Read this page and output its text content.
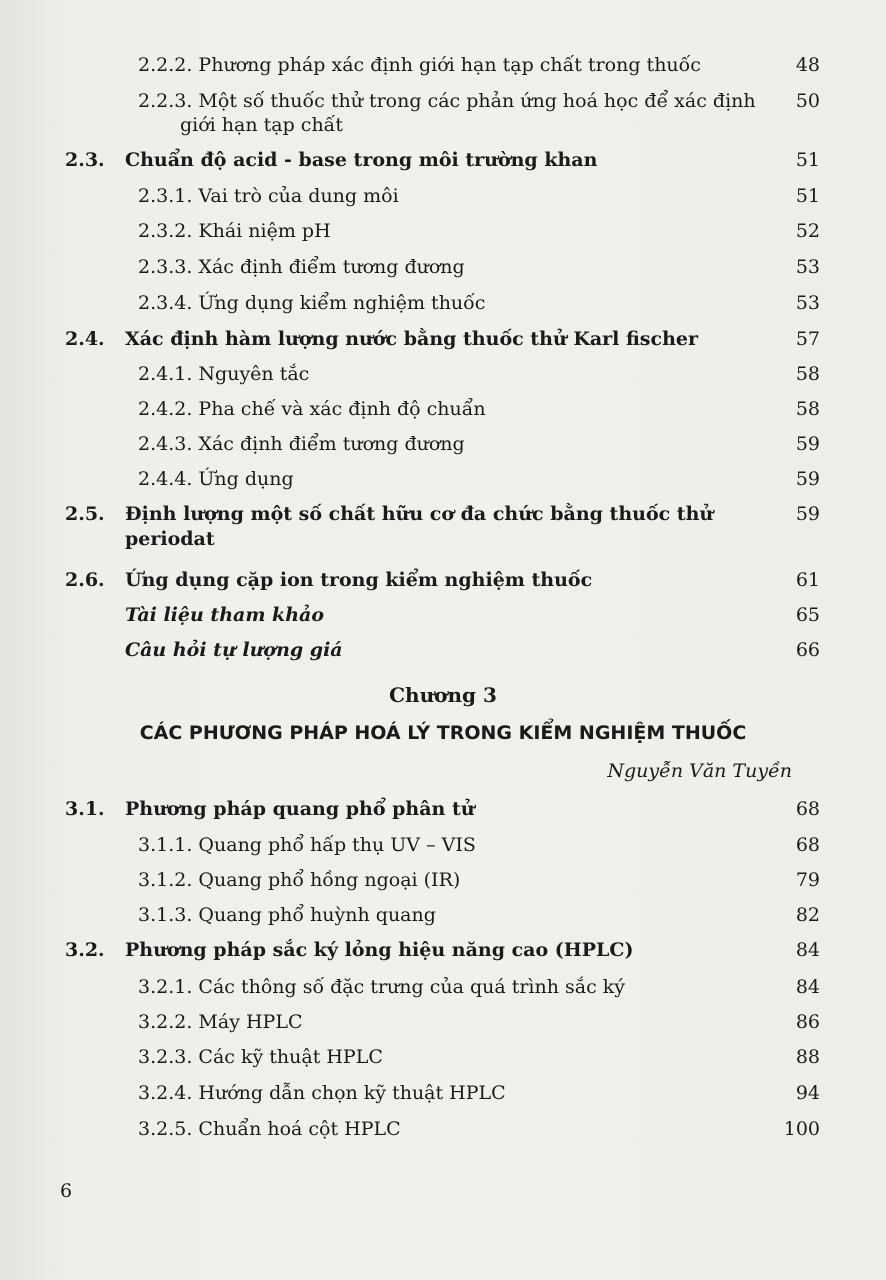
2.2.2. Phương pháp xác định giới hạn tạp chất trong thuốc	48
2.2.3. Một số thuốc thử trong các phản ứng hoá học để xác định 50
giới hạn tạp chất
2.3. Chuẩn độ acid - base trong môi trường khan	51
2.3.1. Vai trò của dung môi	51
2.3.2. Khái niệm pH	52
2.3.3. Xác định điểm tương đương	53
2.3.4. Ứng dụng kiểm nghiệm thuốc	53
2.4. Xác định hàm lượng nước bằng thuốc thử Karl fischer	57
2.4.1. Nguyên tắc	58
2.4.2. Pha chế và xác định độ chuẩn	58
2.4.3. Xác định điểm tương đương	59
2.4.4. Ứng dụng	59
2.5. Định lượng một số chất hữu cơ đa chức bằng thuốc thử	59
periodat
2.6. Ứng dụng cặp ion trong kiểm nghiệm thuốc	61
Tài liệu tham khảo	65
Câu hỏi tự lượng giá	66
Chương 3
CÁC PHƯƠNG PHÁP HOÁ LÝ TRONG KIỂM NGHIỆM THUỐC
Nguyễn Văn Tuyền
3.1. Phương pháp quang phổ phân tử	68
3.1.1. Quang phổ hấp thụ UV – VIS	68
3.1.2. Quang phổ hồng ngoại (IR)	79
3.1.3. Quang phổ huỳnh quang	82
3.2. Phương pháp sắc ký lỏng hiệu năng cao (HPLC)	84
3.2.1. Các thông số đặc trưng của quá trình sắc ký	84
3.2.2. Máy HPLC	86
3.2.3. Các kỹ thuật HPLC	88
3.2.4. Hướng dẫn chọn kỹ thuật HPLC	94
3.2.5. Chuẩn hoá cột HPLC	100
6
